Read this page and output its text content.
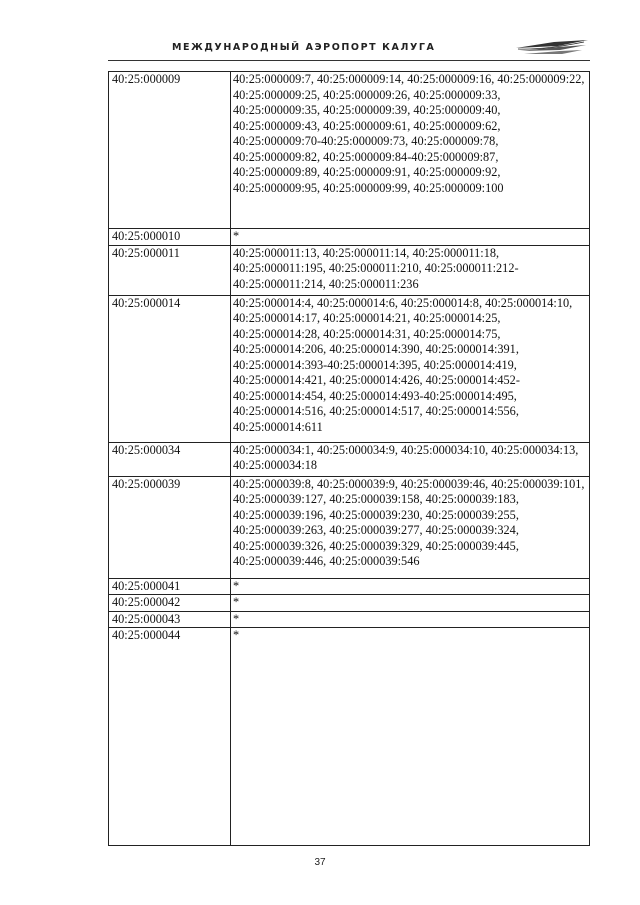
МЕЖДУНАРОДНЫЙ АЭРОПОРТ КАЛУГА
40:25:000009	40:25:000009:7, 40:25:000009:14, 40:25:000009:16, 40:25:000009:22, 40:25:000009:25, 40:25:000009:26, 40:25:000009:33, 40:25:000009:35, 40:25:000009:39, 40:25:000009:40, 40:25:000009:43, 40:25:000009:61, 40:25:000009:62, 40:25:000009:70-40:25:000009:73, 40:25:000009:78, 40:25:000009:82, 40:25:000009:84-40:25:000009:87, 40:25:000009:89, 40:25:000009:91, 40:25:000009:92, 40:25:000009:95, 40:25:000009:99, 40:25:000009:100
40:25:000010	*
40:25:000011	40:25:000011:13, 40:25:000011:14, 40:25:000011:18, 40:25:000011:195, 40:25:000011:210, 40:25:000011:212-40:25:000011:214, 40:25:000011:236
40:25:000014	40:25:000014:4, 40:25:000014:6, 40:25:000014:8, 40:25:000014:10, 40:25:000014:17, 40:25:000014:21, 40:25:000014:25, 40:25:000014:28, 40:25:000014:31, 40:25:000014:75, 40:25:000014:206, 40:25:000014:390, 40:25:000014:391, 40:25:000014:393-40:25:000014:395, 40:25:000014:419, 40:25:000014:421, 40:25:000014:426, 40:25:000014:452-40:25:000014:454, 40:25:000014:493-40:25:000014:495, 40:25:000014:516, 40:25:000014:517, 40:25:000014:556, 40:25:000014:611
40:25:000034	40:25:000034:1, 40:25:000034:9, 40:25:000034:10, 40:25:000034:13, 40:25:000034:18
40:25:000039	40:25:000039:8, 40:25:000039:9, 40:25:000039:46, 40:25:000039:101, 40:25:000039:127, 40:25:000039:158, 40:25:000039:183, 40:25:000039:196, 40:25:000039:230, 40:25:000039:255, 40:25:000039:263, 40:25:000039:277, 40:25:000039:324, 40:25:000039:326, 40:25:000039:329, 40:25:000039:445, 40:25:000039:446, 40:25:000039:546
40:25:000041	*
40:25:000042	*
40:25:000043	*
40:25:000044	*
37
